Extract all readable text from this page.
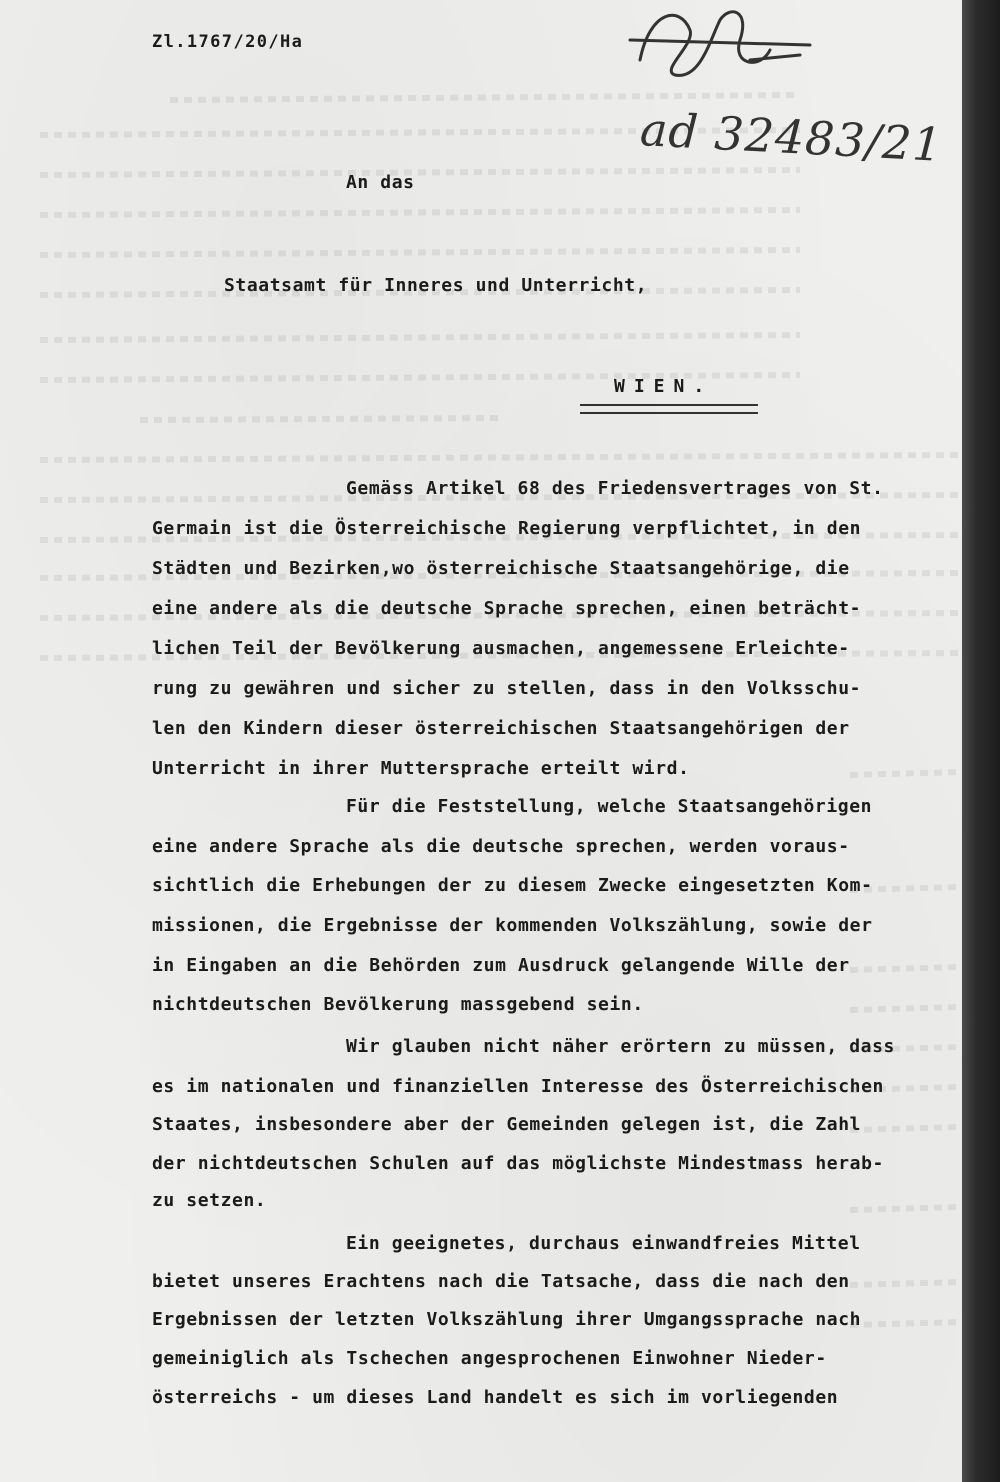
Zl.1767/20/Ha
ad 32483/21
An das
Staatsamt für Inneres und Unterricht,
WIEN.
Gemäss Artikel 68 des Friedensvertrages von St.
Germain ist die Österreichische Regierung verpflichtet, in den
Städten und Bezirken,wo österreichische Staatsangehörige, die
eine andere als die deutsche Sprache sprechen, einen beträcht-
lichen Teil der Bevölkerung ausmachen, angemessene Erleichte-
rung zu gewähren und sicher zu stellen, dass in den Volksschu-
len den Kindern dieser österreichischen Staatsangehörigen der
Unterricht in ihrer Muttersprache erteilt wird.
Für die Feststellung, welche Staatsangehörigen
eine andere Sprache als die deutsche sprechen, werden voraus-
sichtlich die Erhebungen der zu diesem Zwecke eingesetzten Kom-
missionen, die Ergebnisse der kommenden Volkszählung, sowie der
in Eingaben an die Behörden zum Ausdruck gelangende Wille der
nichtdeutschen Bevölkerung massgebend sein.
Wir glauben nicht näher erörtern zu müssen, dass
es im nationalen und finanziellen Interesse des Österreichischen
Staates, insbesondere aber der Gemeinden gelegen ist, die Zahl
der nichtdeutschen Schulen auf das möglichste Mindestmass herab-
zu setzen.
Ein geeignetes, durchaus einwandfreies Mittel
bietet unseres Erachtens nach die Tatsache, dass die nach den
Ergebnissen der letzten Volkszählung ihrer Umgangssprache nach
gemeiniglich als Tschechen angesprochenen Einwohner Nieder-
österreichs - um dieses Land handelt es sich im vorliegenden
